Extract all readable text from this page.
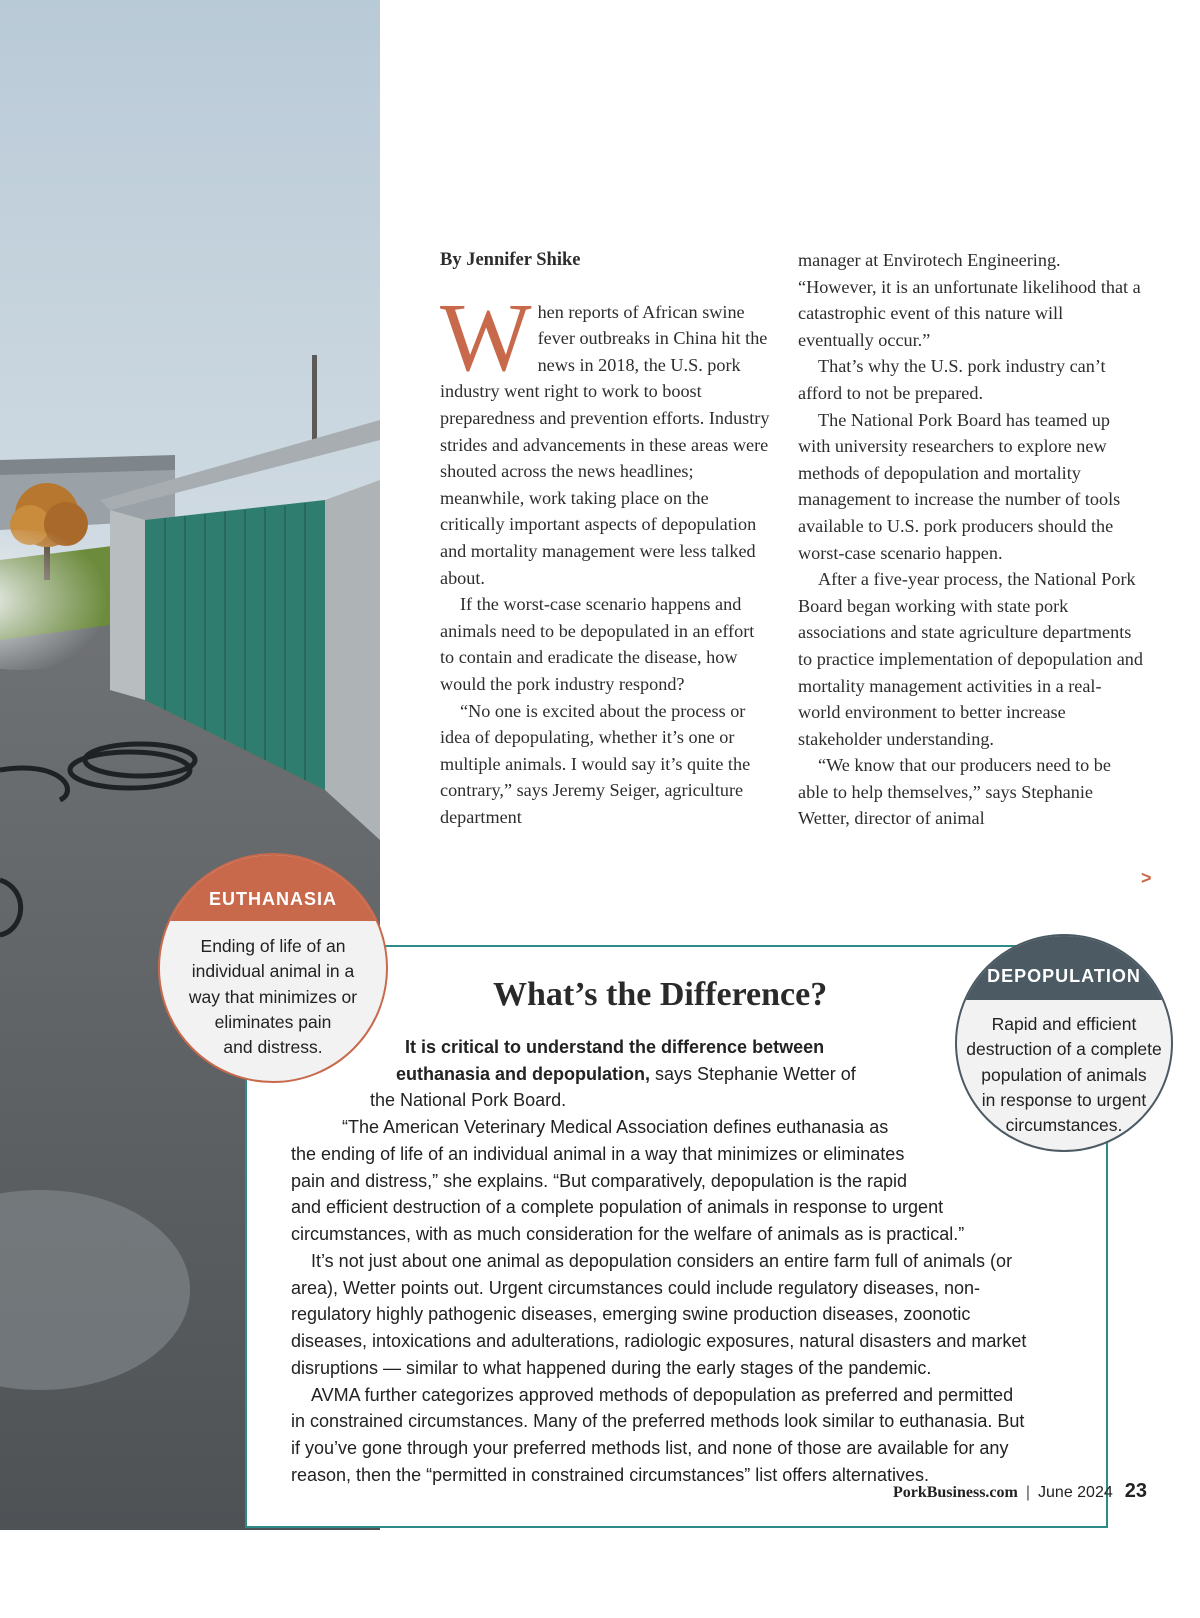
By Jennifer Shike

When reports of African swine fever outbreaks in China hit the news in 2018, the U.S. pork industry went right to work to boost preparedness and prevention efforts. Industry strides and advancements in these areas were shouted across the news headlines; meanwhile, work taking place on the critically important aspects of depopulation and mortality management were less talked about.

If the worst-case scenario happens and animals need to be depopulated in an effort to contain and eradicate the disease, how would the pork industry respond?

“No one is excited about the process or idea of depopulating, whether it’s one or multiple animals. I would say it’s quite the contrary,” says Jeremy Seiger, agriculture department

manager at Envirotech Engineering. “However, it is an unfortunate likelihood that a catastrophic event of this nature will eventually occur.”

That’s why the U.S. pork industry can’t afford to not be prepared.

The National Pork Board has teamed up with university researchers to explore new methods of depopulation and mortality management to increase the number of tools available to U.S. pork producers should the worst-case scenario happen.

After a five-year process, the National Pork Board began working with state pork associations and state agriculture departments to practice implementation of depopulation and mortality management activities in a real-world environment to better increase stakeholder understanding.

“We know that our producers need to be able to help themselves,” says Stephanie Wetter, director of animal

>
What’s the Difference?
It is critical to understand the difference between
euthanasia and depopulation, says Stephanie Wetter of
the National Pork Board.
“The American Veterinary Medical Association defines euthanasia as
the ending of life of an individual animal in a way that minimizes or eliminates
pain and distress,” she explains. “But comparatively, depopulation is the rapid
and efficient destruction of a complete population of animals in response to urgent
circumstances, with as much consideration for the welfare of animals as is practical.”
It’s not just about one animal as depopulation considers an entire farm full of animals (or
area), Wetter points out. Urgent circumstances could include regulatory diseases, non-
regulatory highly pathogenic diseases, emerging swine production diseases, zoonotic
diseases, intoxications and adulterations, radiologic exposures, natural disasters and market
disruptions — similar to what happened during the early stages of the pandemic.
AVMA further categorizes approved methods of depopulation as preferred and permitted
in constrained circumstances. Many of the preferred methods look similar to euthanasia. But
if you’ve gone through your preferred methods list, and none of those are available for any
reason, then the “permitted in constrained circumstances” list offers alternatives.
EUTHANASIA
Ending of life of an
individual animal in a
way that minimizes or
eliminates pain
and distress.
DEPOPULATION
Rapid and efficient
destruction of a complete
population of animals
in response to urgent
circumstances.
PorkBusiness.com | June 2024 23
